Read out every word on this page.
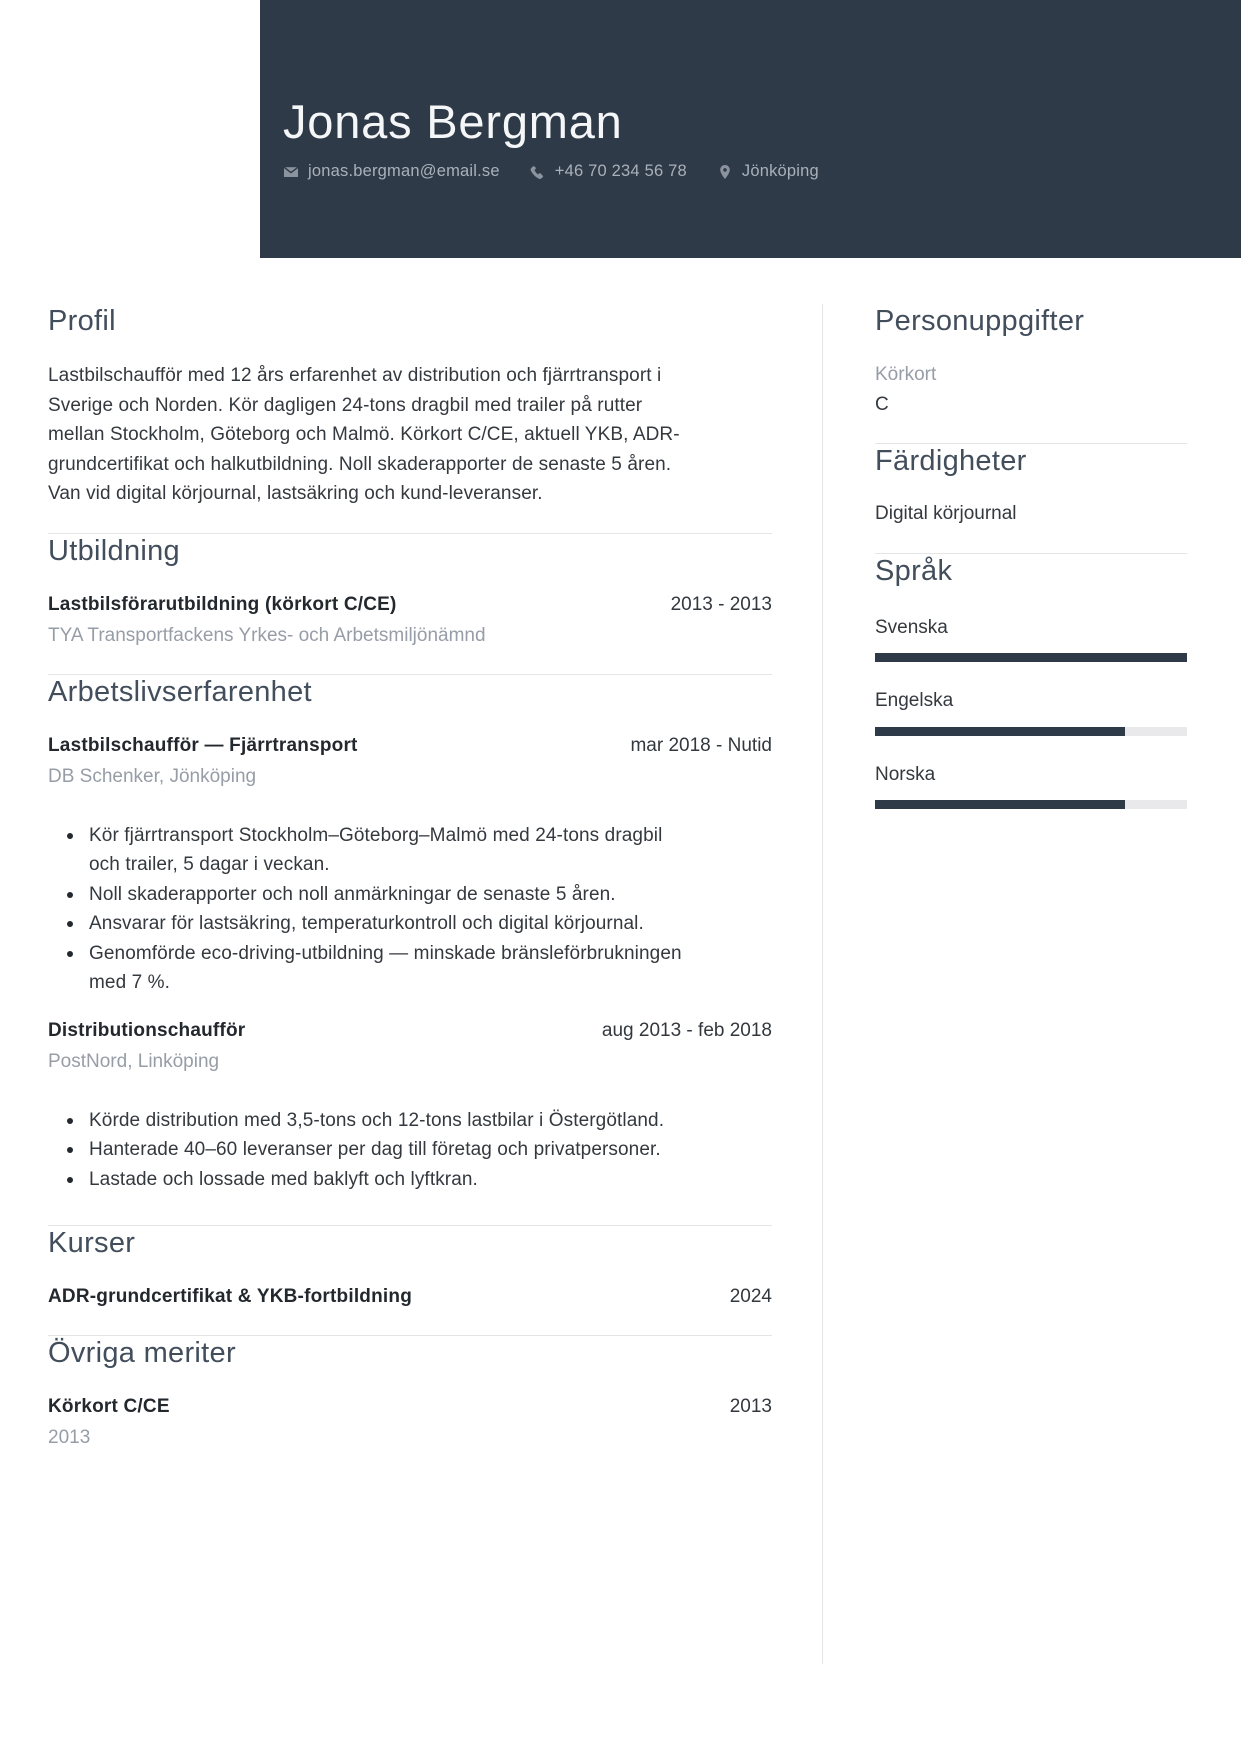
Jonas Bergman
jonas.bergman@email.se	+46 70 234 56 78	Jönköping
Profil

Lastbilschaufför med 12 års erfarenhet av distribution och fjärrtransport i Sverige och Norden. Kör dagligen 24-tons dragbil med trailer på rutter mellan Stockholm, Göteborg och Malmö. Körkort C/CE, aktuell YKB, ADR-grundcertifikat och halkutbildning. Noll skaderapporter de senaste 5 åren. Van vid digital körjournal, lastsäkring och kund-leveranser.

Utbildning
Lastbilsförarutbildning (körkort C/CE)	2013 - 2013
TYA Transportfackens Yrkes- och Arbetsmiljönämnd
Arbetslivserfarenhet
Lastbilschaufför — Fjärrtransport	mar 2018 - Nutid
DB Schenker, Jönköping
Kör fjärrtransport Stockholm–Göteborg–Malmö med 24-tons dragbil och trailer, 5 dagar i veckan.
Noll skaderapporter och noll anmärkningar de senaste 5 åren.
Ansvarar för lastsäkring, temperaturkontroll och digital körjournal.
Genomförde eco-driving-utbildning — minskade bränsleförbrukningen med 7 %.
Distributionschaufför	aug 2013 - feb 2018
PostNord, Linköping
Körde distribution med 3,5-tons och 12-tons lastbilar i Östergötland.
Hanterade 40–60 leveranser per dag till företag och privatpersoner.
Lastade och lossade med baklyft och lyftkran.
Kurser
ADR-grundcertifikat & YKB-fortbildning	2024
Övriga meriter
Körkort C/CE	2013
2013
Personuppgifter
Körkort
C
Färdigheter
Digital körjournal
Språk
Svenska
Engelska
Norska
